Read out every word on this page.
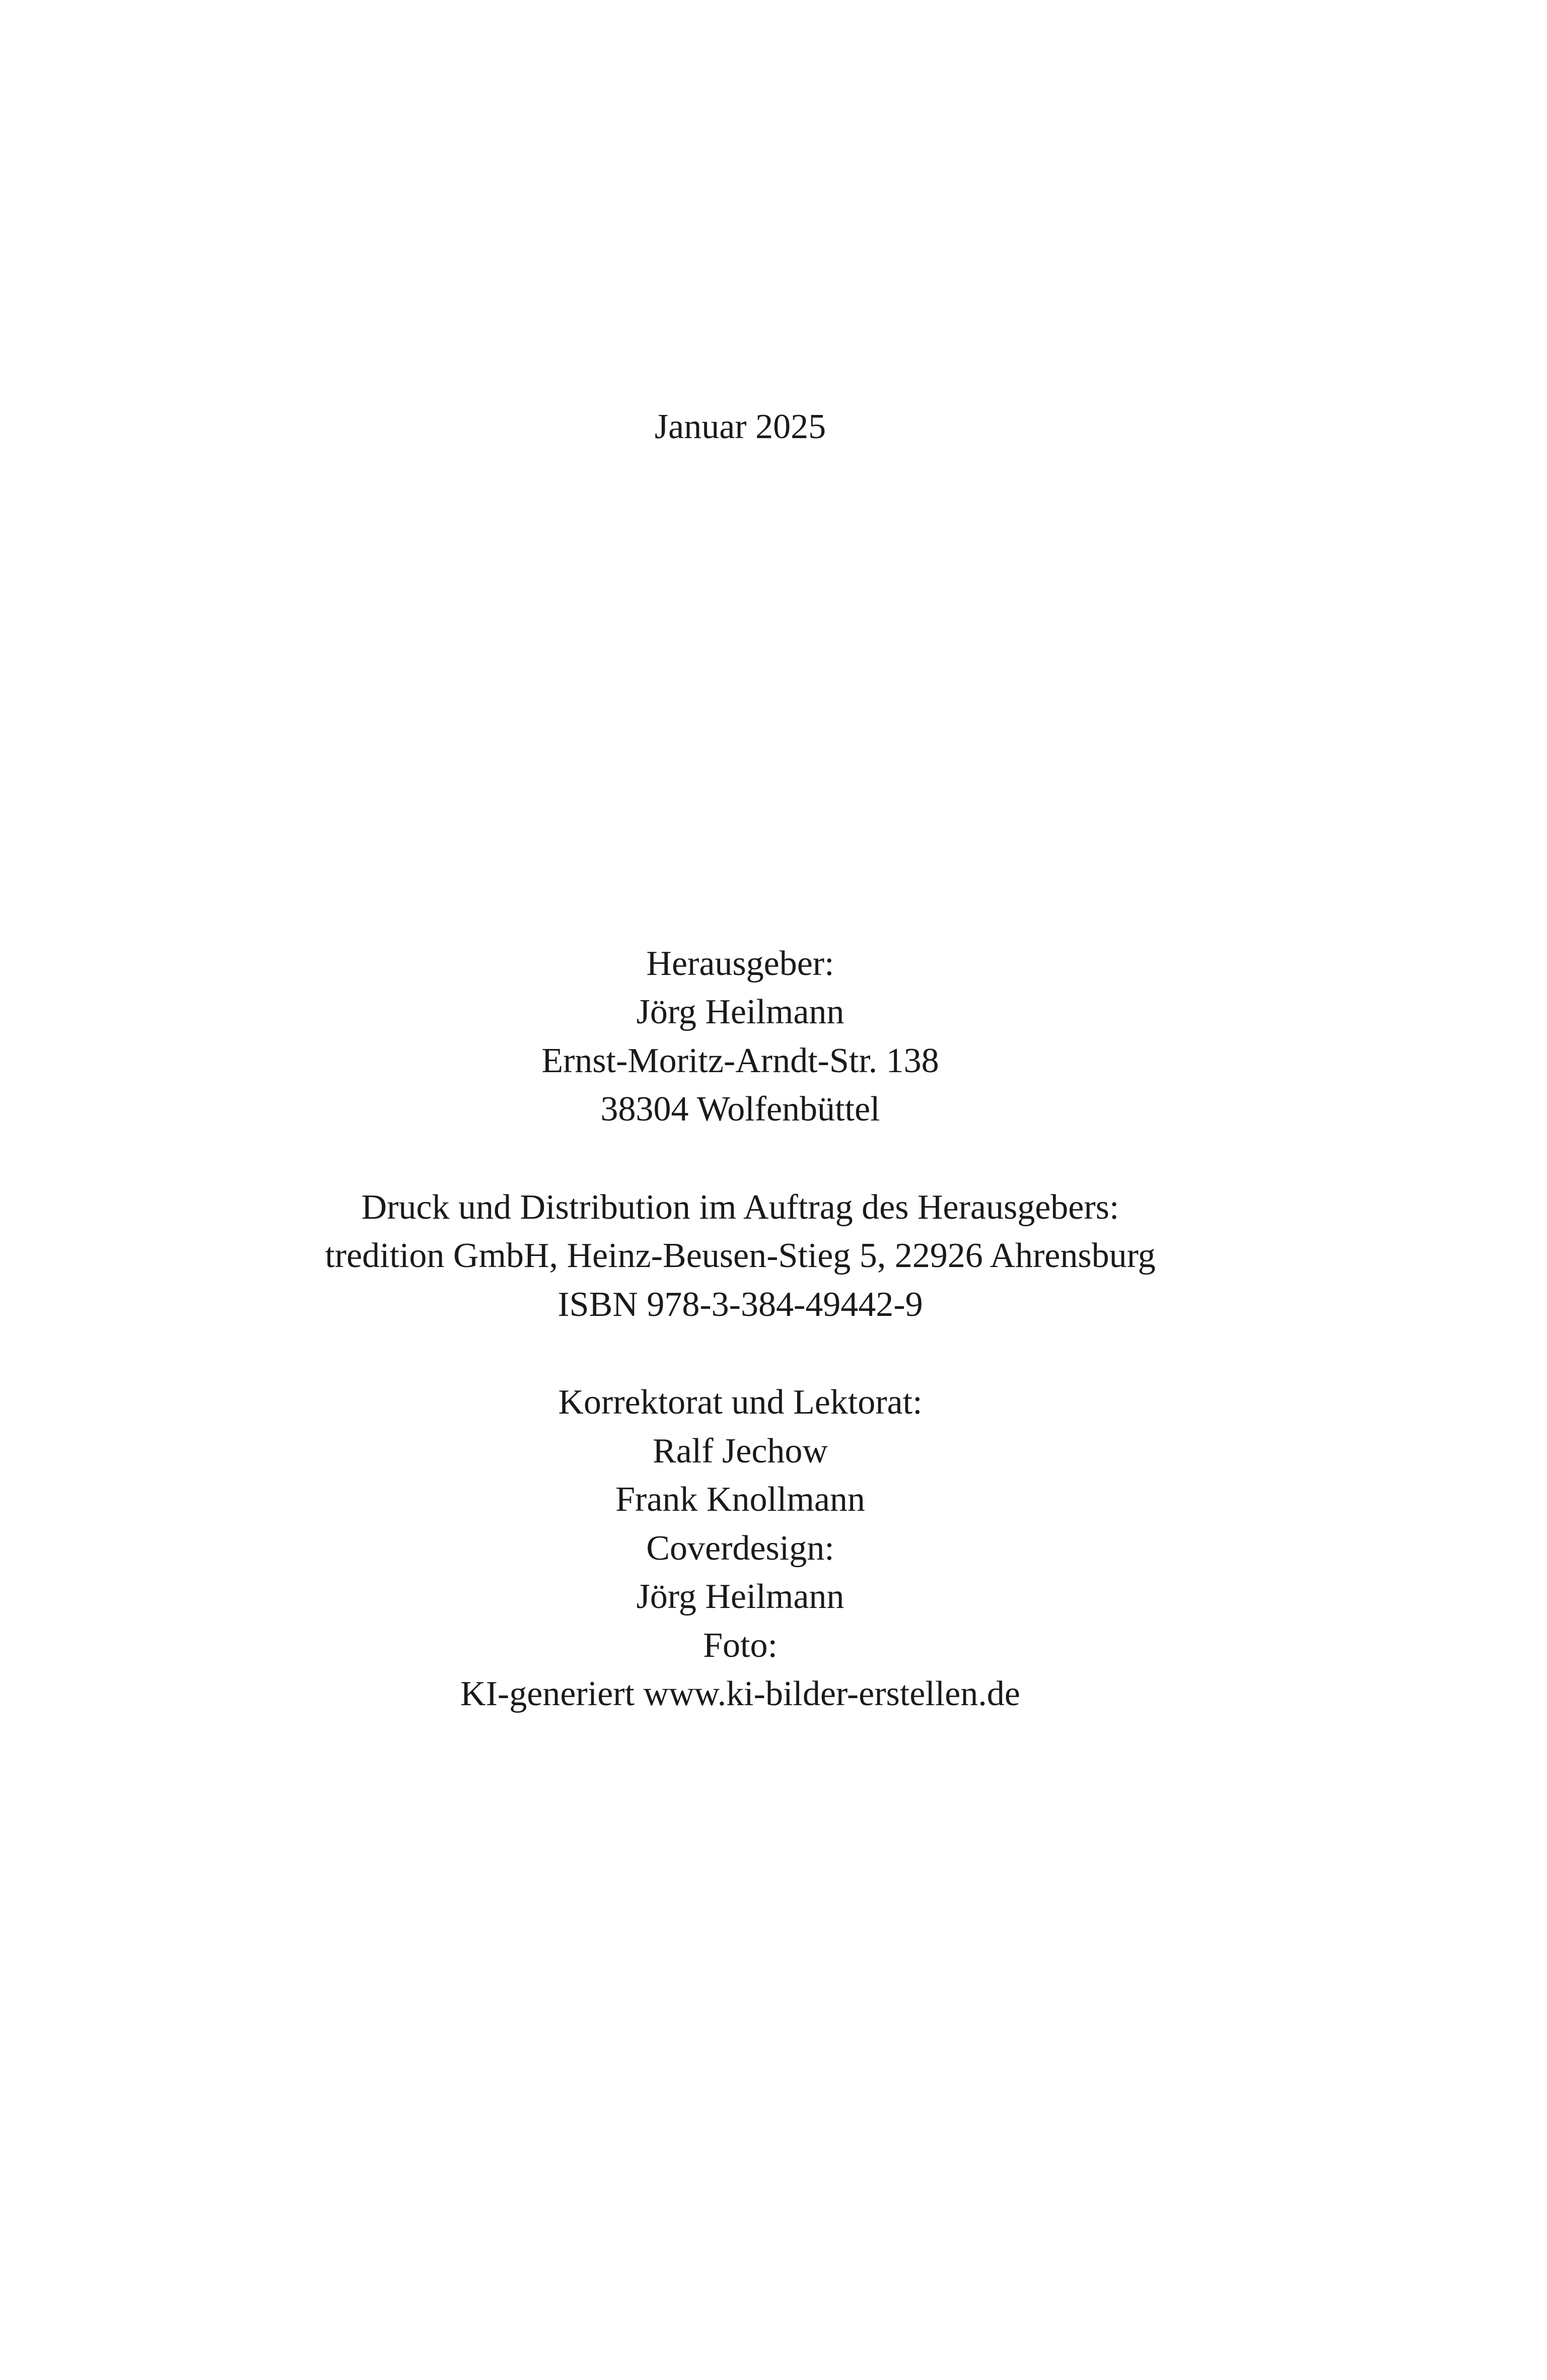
Januar 2025
Herausgeber:
Jörg Heilmann
Ernst-Moritz-Arndt-Str. 138
38304 Wolfenbüttel
Druck und Distribution im Auftrag des Herausgebers:
tredition GmbH, Heinz-Beusen-Stieg 5, 22926 Ahrensburg
ISBN 978-3-384-49442-9
Korrektorat und Lektorat:
Ralf Jechow
Frank Knollmann
Coverdesign:
Jörg Heilmann
Foto:
KI-generiert www.ki-bilder-erstellen.de
